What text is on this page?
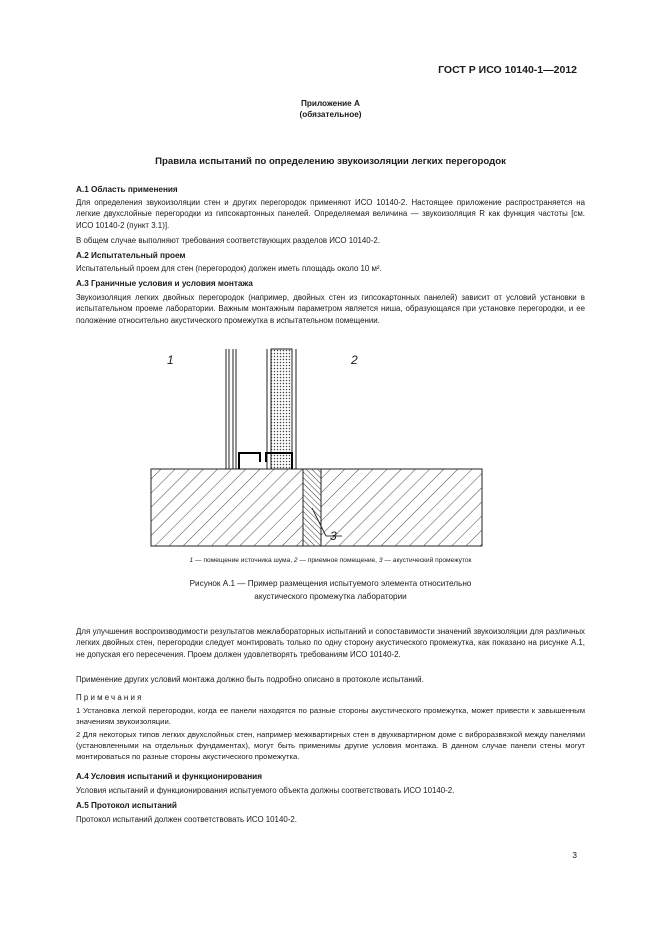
ГОСТ Р ИСО 10140-1—2012
Приложение А
(обязательное)
Правила испытаний по определению звукоизоляции легких перегородок
А.1 Область применения
Для определения звукоизоляции стен и других перегородок применяют ИСО 10140-2. Настоящее приложение распространяется на легкие двухслойные перегородки из гипсокартонных панелей. Определяемая величина — звукоизоляция R как функция частоты [см. ИСО 10140-2 (пункт 3.1)].
В общем случае выполняют требования соответствующих разделов ИСО 10140-2.
А.2 Испытательный проем
Испытательный проем для стен (перегородок) должен иметь площадь около 10 м².
А.3 Граничные условия и условия монтажа
Звукоизоляция легких двойных перегородок (например, двойных стен из гипсокартонных панелей) зависит от условий установки в испытательном проеме лаборатории. Важным монтажным параметром является ниша, образующаяся при установке перегородки, и ее положение относительно акустического промежутка в испытательном помещении.
1	2
3
1 — помещение источника шума, 2 — приемное помещение, 3 — акустический промежуток
Рисунок А.1 — Пример размещения испытуемого элемента относительно
акустического промежутка лаборатории
Для улучшения воспроизводимости результатов межлабораторных испытаний и сопоставимости значений звукоизоляции для различных легких двойных стен, перегородки следует монтировать только по одну сторону акустического промежутка, как показано на рисунке А.1, не допуская его пересечения. Проем должен удовлетворять требованиям ИСО 10140-2.
Применение других условий монтажа должно быть подробно описано в протоколе испытаний.
Примечания
1 Установка легкой перегородки, когда ее панели находятся по разные стороны акустического промежутка, может привести к завышенным значениям звукоизоляции.
2 Для некоторых типов легких двухслойных стен, например межквартирных стен в двухквартирном доме с виброразвязкой между панелями (установленными на отдельных фундаментах), могут быть применимы другие условия монтажа. В данном случае панели стены могут монтироваться по разные стороны акустического промежутка.
А.4 Условия испытаний и функционирования
Условия испытаний и функционирования испытуемого объекта должны соответствовать ИСО 10140-2.
А.5 Протокол испытаний
Протокол испытаний должен соответствовать ИСО 10140-2.
3
